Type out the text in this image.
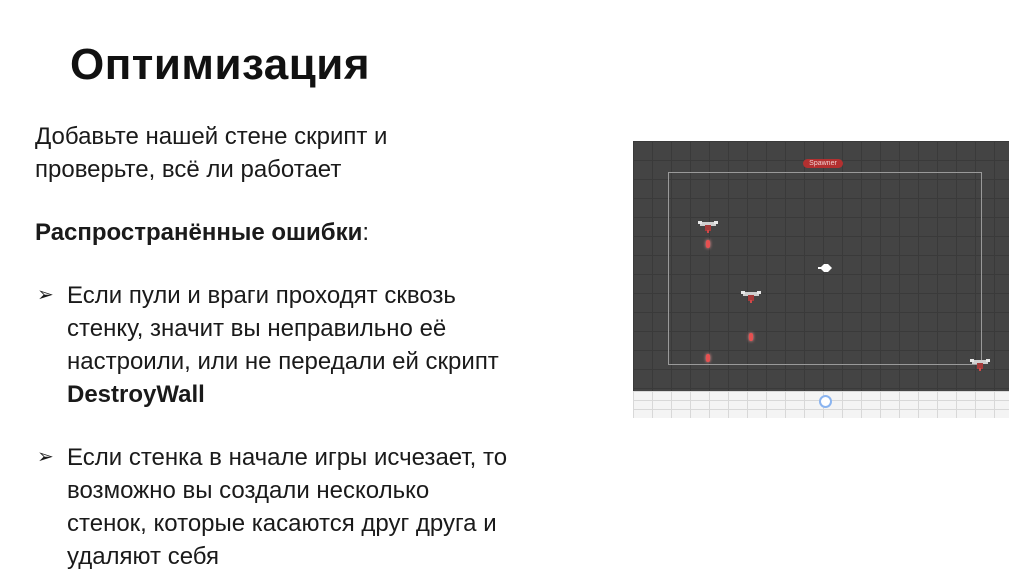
Оптимизация

Добавьте нашей стене скрипт и

проверьте, всё ли работает

Распространённые ошибки:

➢ Если пули и враги проходят сквозь
стенку, значит вы неправильно её
настроили, или не передали ей скрипт
DestroyWall
➢ Если стенка в начале игры исчезает, то
возможно вы создали несколько
стенок, которые касаются друг друга и
удаляют себя
Spawner
